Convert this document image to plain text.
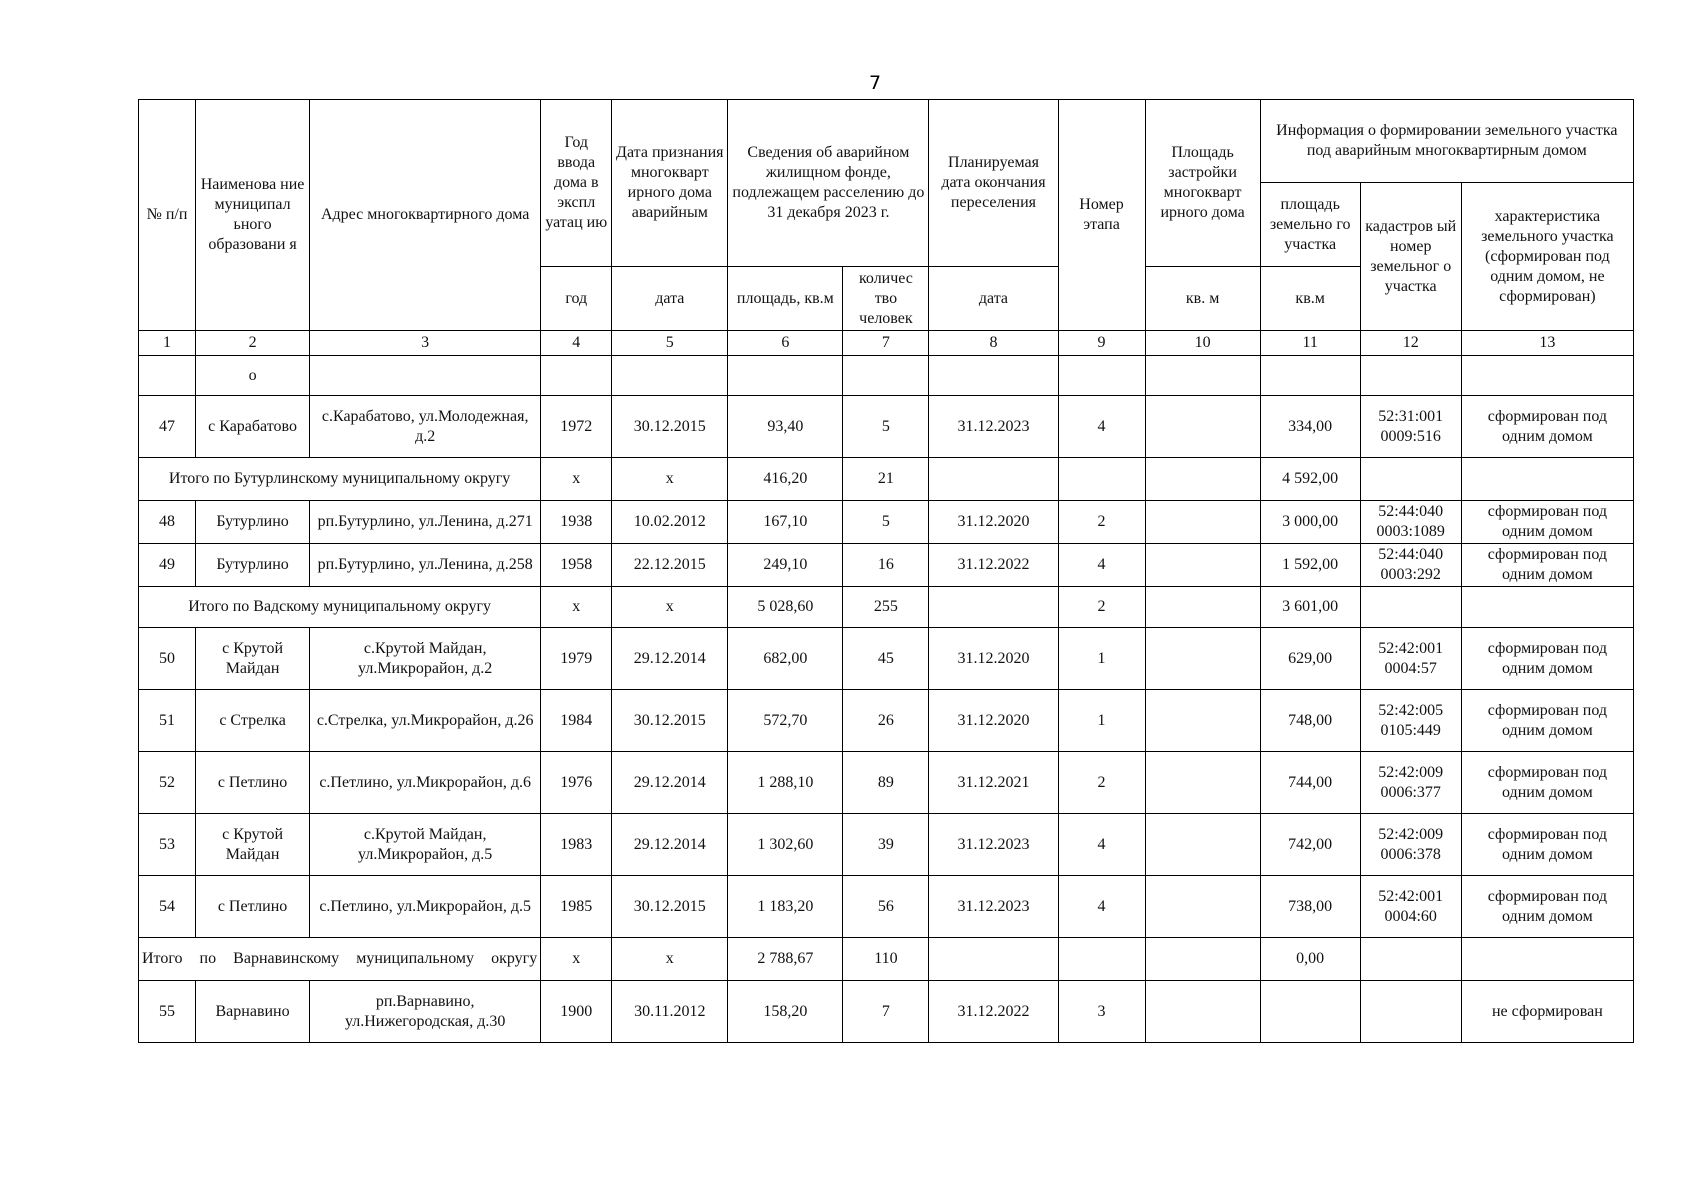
7
№ п/п	Наименова ние муниципал ьного образовани я	Адрес многоквартирного дома	Год ввода дома в экспл уатац ию	Дата признания многокварт ирного дома аварийным	Сведения об аварийном жилищном фонде, подлежащем расселению до 31 декабря 2023 г.		Планируемая дата окончания переселения	Номер этапа	Площадь застройки многокварт ирного дома	Информация о формировании земельного участка под аварийным многоквартирным домом		
										площадь земельно го участка	кадастров ый номер земельног о участка	характеристика земельного участка (сформирован под одним домом, не сформирован)
			год	дата	площадь, кв.м	количес тво человек	дата		кв. м	кв.м		
1	2	3	4	5	6	7	8	9	10	11	12	13
	о											
47	с Карабатово	с.Карабатово, ул.Молодежная, д.2	1972	30.12.2015	93,40	5	31.12.2023	4		334,00	52:31:001 0009:516	сформирован под одним домом
Итого по Бутурлинскому муниципальному округу			x	x	416,20	21				4 592,00		
48	Бутурлино	рп.Бутурлино, ул.Ленина, д.271	1938	10.02.2012	167,10	5	31.12.2020	2		3 000,00	52:44:040 0003:1089	сформирован под одним домом
49	Бутурлино	рп.Бутурлино, ул.Ленина, д.258	1958	22.12.2015	249,10	16	31.12.2022	4		1 592,00	52:44:040 0003:292	сформирован под одним домом
Итого по Вадскому муниципальному округу			x	x	5 028,60	255		2		3 601,00		
50	с Крутой Майдан	с.Крутой Майдан, ул.Микрорайон, д.2	1979	29.12.2014	682,00	45	31.12.2020	1		629,00	52:42:001 0004:57	сформирован под одним домом
51	с Стрелка	с.Стрелка, ул.Микрорайон, д.26	1984	30.12.2015	572,70	26	31.12.2020	1		748,00	52:42:005 0105:449	сформирован под одним домом
52	с Петлино	с.Петлино, ул.Микрорайон, д.6	1976	29.12.2014	1 288,10	89	31.12.2021	2		744,00	52:42:009 0006:377	сформирован под одним домом
53	с Крутой Майдан	с.Крутой Майдан, ул.Микрорайон, д.5	1983	29.12.2014	1 302,60	39	31.12.2023	4		742,00	52:42:009 0006:378	сформирован под одним домом
54	с Петлино	с.Петлино, ул.Микрорайон, д.5	1985	30.12.2015	1 183,20	56	31.12.2023	4		738,00	52:42:001 0004:60	сформирован под одним домом
Итого по Варнавинскому муниципальному округу			x	x	2 788,67	110				0,00		
55	Варнавино	рп.Варнавино, ул.Нижегородская, д.30	1900	30.11.2012	158,20	7	31.12.2022	3				не сформирован
